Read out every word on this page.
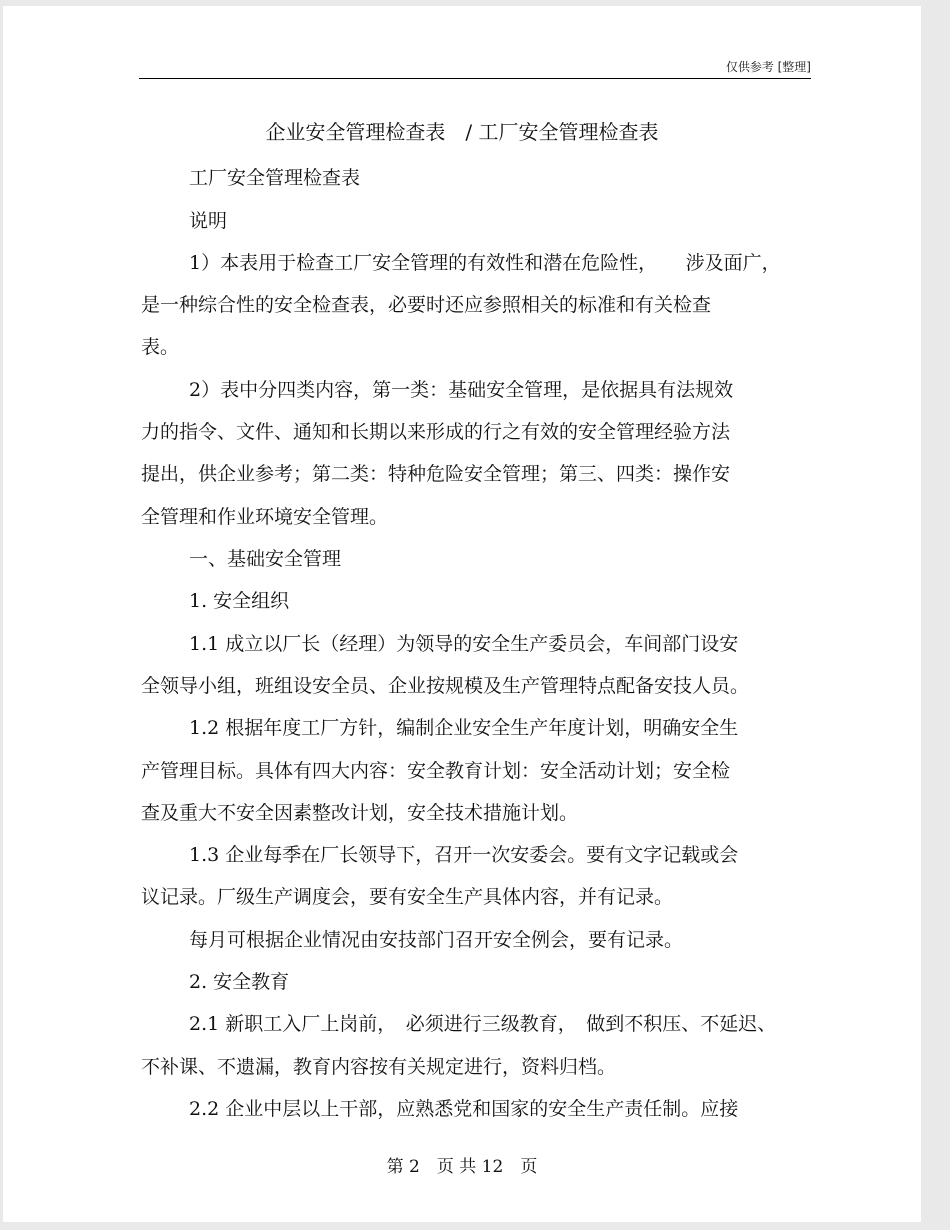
仅供参考 [整理]
企业安全管理检查表　/ 工厂安全管理检查表
工厂安全管理检查表
说明
1）本表用于检查工厂安全管理的有效性和潜在危险性，　　涉及面广，
是一种综合性的安全检查表，必要时还应参照相关的标准和有关检查
表。
2）表中分四类内容，第一类：基础安全管理，是依据具有法规效
力的指令、文件、通知和长期以来形成的行之有效的安全管理经验方法
提出，供企业参考；第二类：特种危险安全管理；第三、四类：操作安
全管理和作业环境安全管理。
一、基础安全管理
1. 安全组织
1.1 成立以厂长（经理）为领导的安全生产委员会，车间部门设安
全领导小组，班组设安全员、企业按规模及生产管理特点配备安技人员。
1.2 根据年度工厂方针，编制企业安全生产年度计划，明确安全生
产管理目标。具体有四大内容：安全教育计划：安全活动计划；安全检
查及重大不安全因素整改计划，安全技术措施计划。
1.3 企业每季在厂长领导下，召开一次安委会。要有文字记载或会
议记录。厂级生产调度会，要有安全生产具体内容，并有记录。
每月可根据企业情况由安技部门召开安全例会，要有记录。
2. 安全教育
2.1 新职工入厂上岗前，　必须进行三级教育，　做到不积压、不延迟、
不补课、不遗漏，教育内容按有关规定进行，资料归档。
2.2 企业中层以上干部，应熟悉党和国家的安全生产责任制。应接
第 2　页 共 12　页
